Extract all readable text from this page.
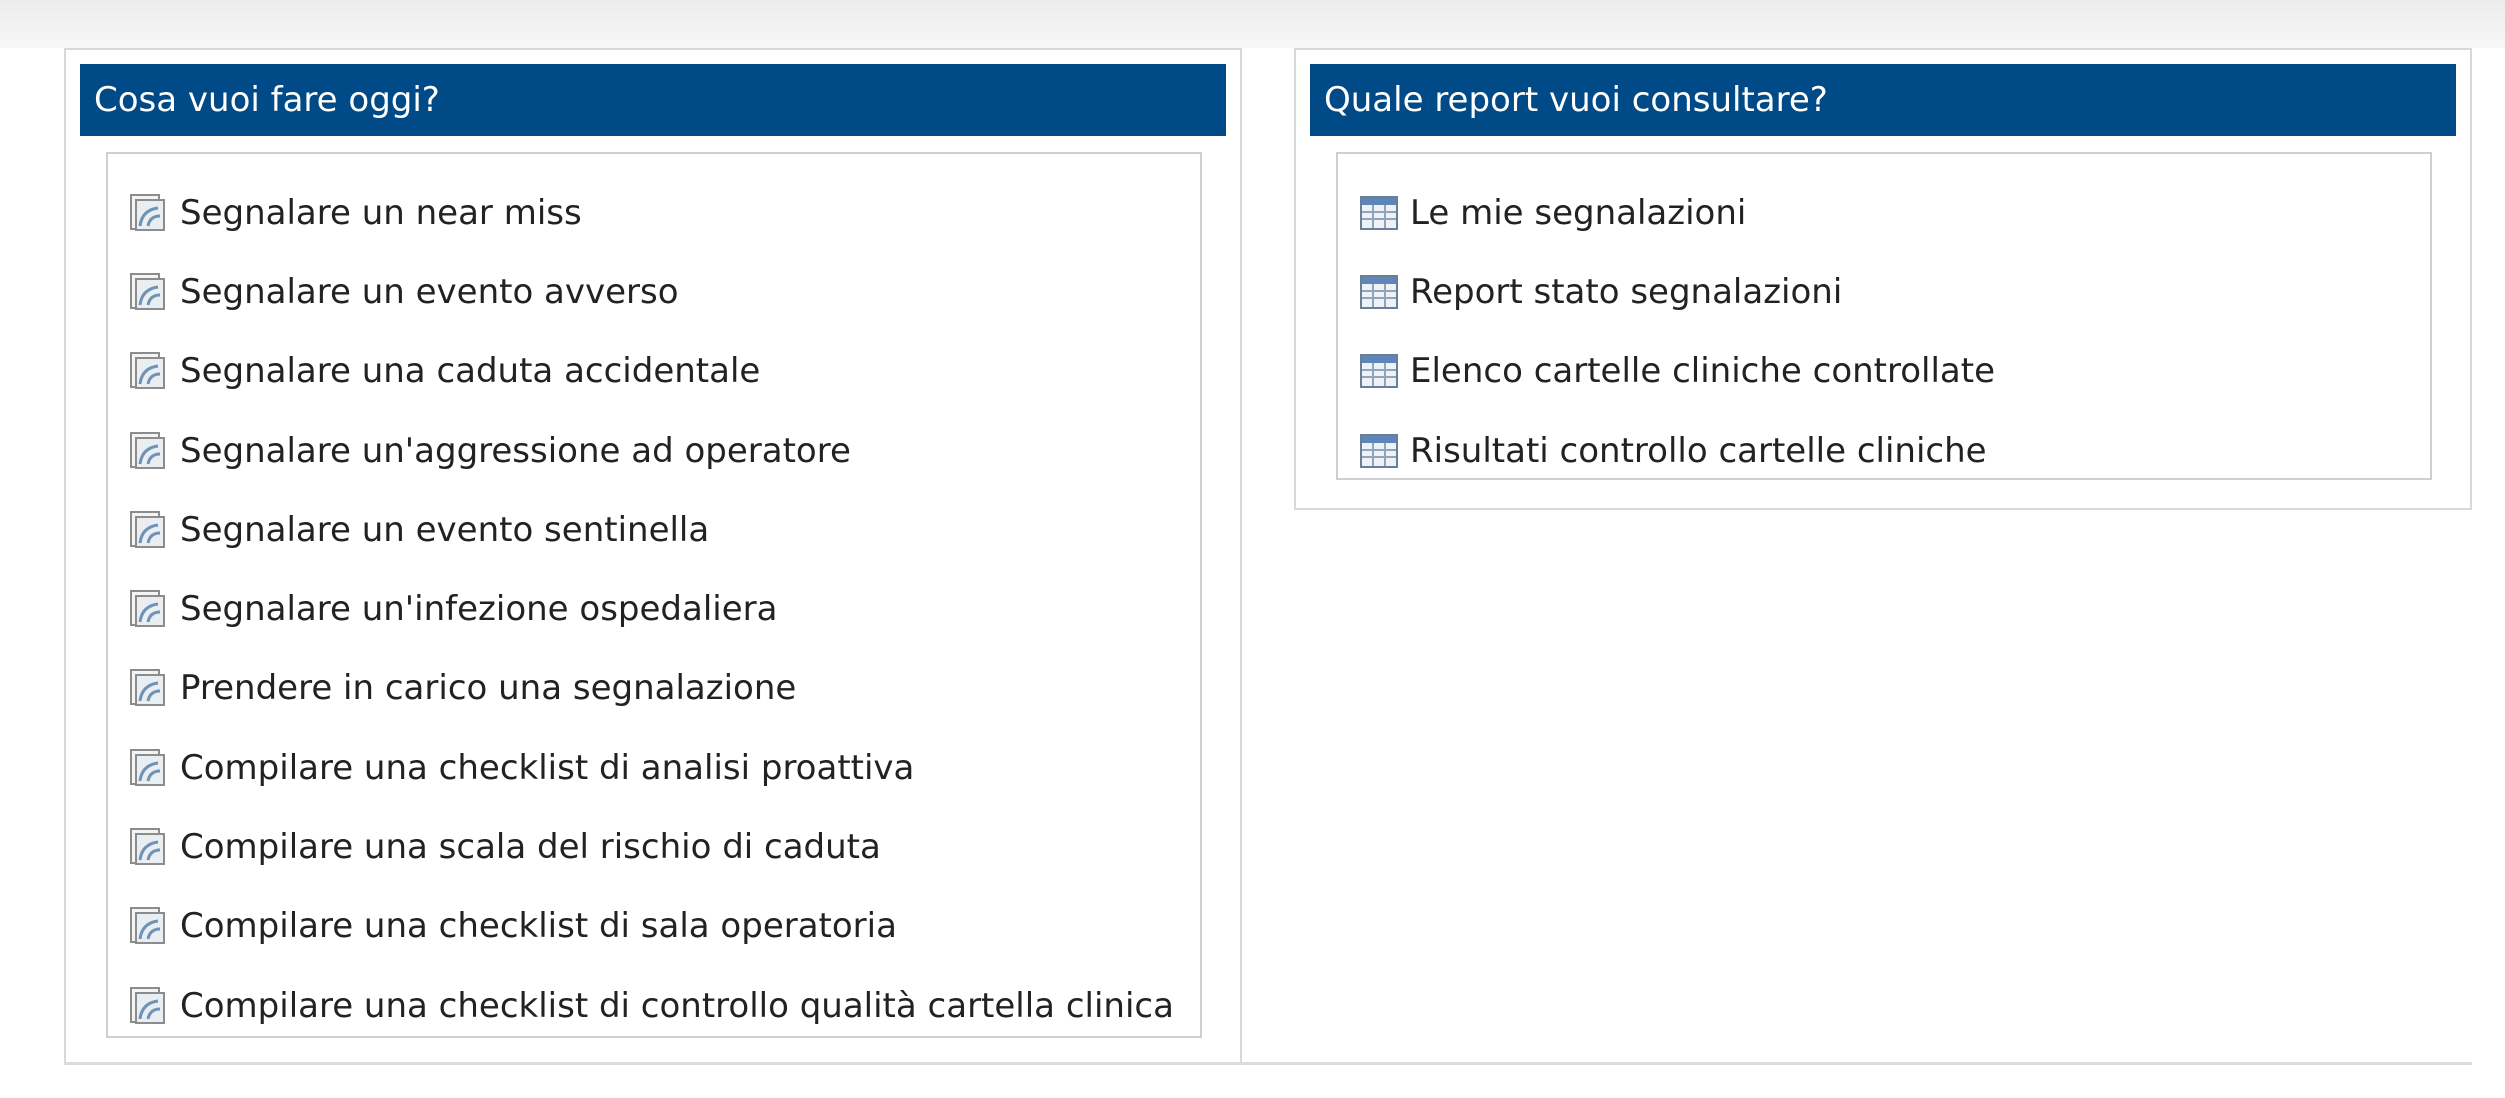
Cosa vuoi fare oggi?
Segnalare un near miss
Segnalare un evento avverso
Segnalare una caduta accidentale
Segnalare un'aggressione ad operatore
Segnalare un evento sentinella
Segnalare un'infezione ospedaliera
Prendere in carico una segnalazione
Compilare una checklist di analisi proattiva
Compilare una scala del rischio di caduta
Compilare una checklist di sala operatoria
Compilare una checklist di controllo qualità cartella clinica
Quale report vuoi consultare?
Le mie segnalazioni
Report stato segnalazioni
Elenco cartelle cliniche controllate
Risultati controllo cartelle cliniche
